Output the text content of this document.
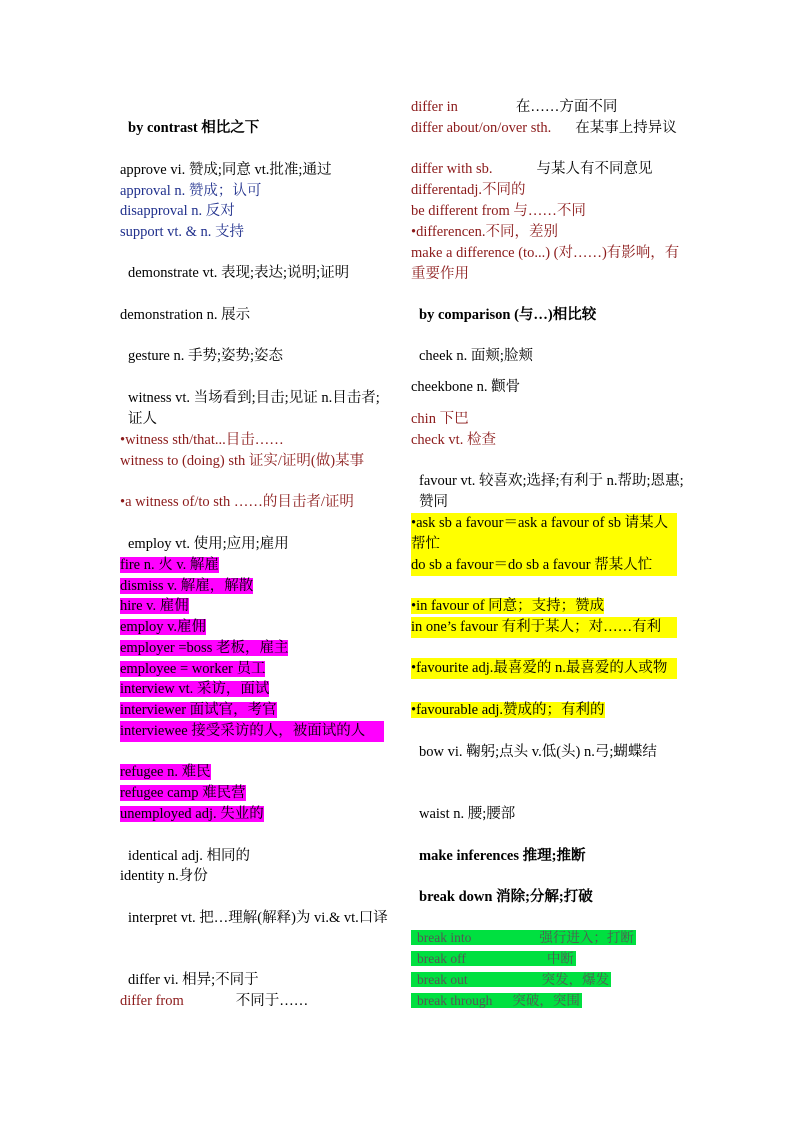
by contrast 相比之下
approve vi. 赞成;同意 vt.批准;通过
approval n. 赞成；认可
disapproval n. 反对
support vt. & n. 支持
demonstrate vt. 表现;表达;说明;证明
demonstration n. 展示
gesture n. 手势;姿势;姿态
witness vt. 当场看到;目击;见证 n.目击者;证人
•witness sth/that...目击……
witness to (doing) sth 证实/证明(做)某事
•a witness of/to sth ……的目击者/证明
employ vt. 使用;应用;雇用
fire n. 火 v. 解雇
dismiss v. 解雇，解散
hire v. 雇佣
employ v.雇佣
employer =boss 老板，雇主
employee = worker 员工
interview vt. 采访，面试
interviewer 面试官，考官
interviewee 接受采访的人，被面试的人
refugee n. 难民
refugee camp 难民营
unemployed adj. 失业的
identical adj. 相同的
identity n.身份
interpret vt. 把…理解(解释)为 vi.& vt.口译
differ vi. 相异;不同于
differ from	不同于……
differ in	在……方面不同
differ about/on/over sth. 在某事上持异议
differ with sb.	与某人有不同意见
differentadj.不同的
be different from 与……不同
•differencen.不同，差别
make a difference (to...) (对……)有影响，有重要作用
by comparison (与…)相比较
cheek n. 面颊;脸颊
cheekbone n. 颧骨
chin 下巴
check vt. 检查
favour vt. 较喜欢;选择;有利于 n.帮助;恩惠;赞同
•ask sb a favour＝ask a favour of sb 请某人帮忙
do sb a favour＝do sb a favour 帮某人忙
•in favour of 同意；支持；赞成
in one’s favour 有利于某人；对……有利
•favourite adj.最喜爱的 n.最喜爱的人或物
•favourable adj.赞成的；有利的
bow vi. 鞠躬;点头 v.低(头) n.弓;蝴蝶结
waist n. 腰;腰部
make inferences 推理;推断
break down 消除;分解;打破
break into	强行进入；打断
break off	中断
break out	突发，爆发
break through 突破，突围
